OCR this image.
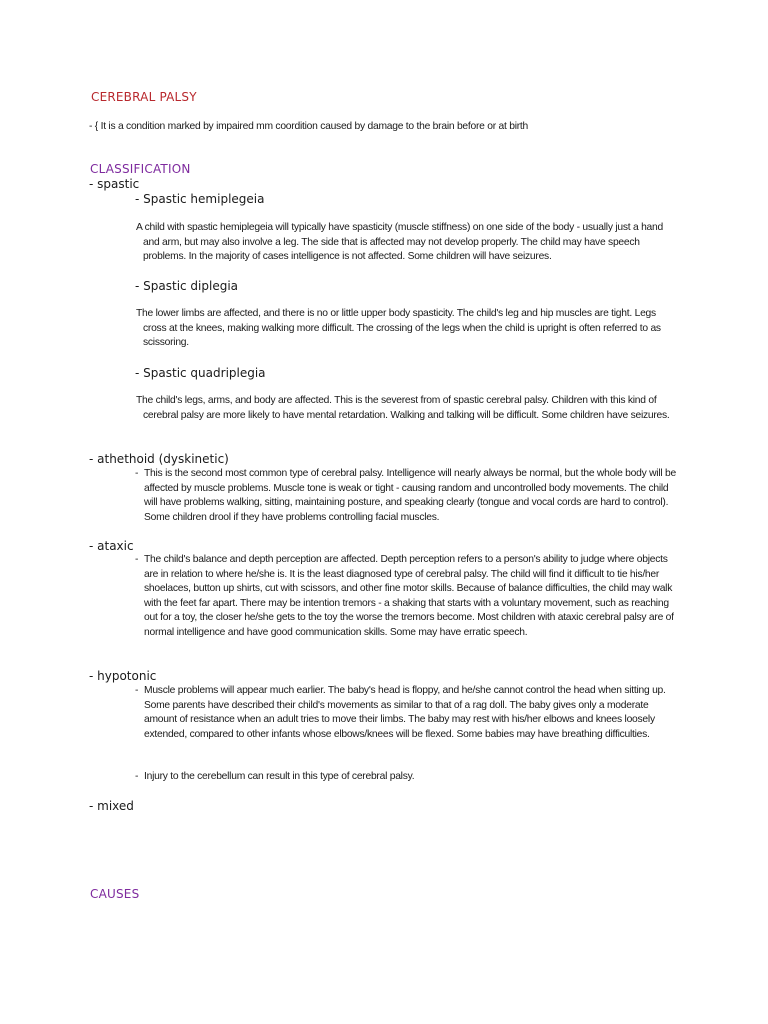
CEREBRAL PALSY
- { It is a condition marked by impaired mm coordition caused by damage to the brain before or at birth
CLASSIFICATION
- spastic
- Spastic hemiplegeia
A child with spastic hemiplegeia will typically have spasticity (muscle stiffness) on one side of the body - usually just a hand and arm, but may also involve a leg. The side that is affected may not develop properly. The child may have speech problems. In the majority of cases intelligence is not affected. Some children will have seizures.
- Spastic diplegia
The lower limbs are affected, and there is no or little upper body spasticity. The child's leg and hip muscles are tight. Legs cross at the knees, making walking more difficult. The crossing of the legs when the child is upright is often referred to as scissoring.
- Spastic quadriplegia
The child's legs, arms, and body are affected. This is the severest from of spastic cerebral palsy. Children with this kind of cerebral palsy are more likely to have mental retardation. Walking and talking will be difficult. Some children have seizures.
- athethoid (dyskinetic)
- This is the second most common type of cerebral palsy. Intelligence will nearly always be normal, but the whole body will be affected by muscle problems. Muscle tone is weak or tight - causing random and uncontrolled body movements. The child will have problems walking, sitting, maintaining posture, and speaking clearly (tongue and vocal cords are hard to control). Some children drool if they have problems controlling facial muscles.
- ataxic
- The child's balance and depth perception are affected. Depth perception refers to a person's ability to judge where objects are in relation to where he/she is. It is the least diagnosed type of cerebral palsy. The child will find it difficult to tie his/her shoelaces, button up shirts, cut with scissors, and other fine motor skills. Because of balance difficulties, the child may walk with the feet far apart. There may be intention tremors - a shaking that starts with a voluntary movement, such as reaching out for a toy, the closer he/she gets to the toy the worse the tremors become. Most children with ataxic cerebral palsy are of normal intelligence and have good communication skills. Some may have erratic speech.
- hypotonic
- Muscle problems will appear much earlier. The baby's head is floppy, and he/she cannot control the head when sitting up. Some parents have described their child's movements as similar to that of a rag doll. The baby gives only a moderate amount of resistance when an adult tries to move their limbs. The baby may rest with his/her elbows and knees loosely extended, compared to other infants whose elbows/knees will be flexed. Some babies may have breathing difficulties.
- Injury to the cerebellum can result in this type of cerebral palsy.
- mixed
CAUSES
